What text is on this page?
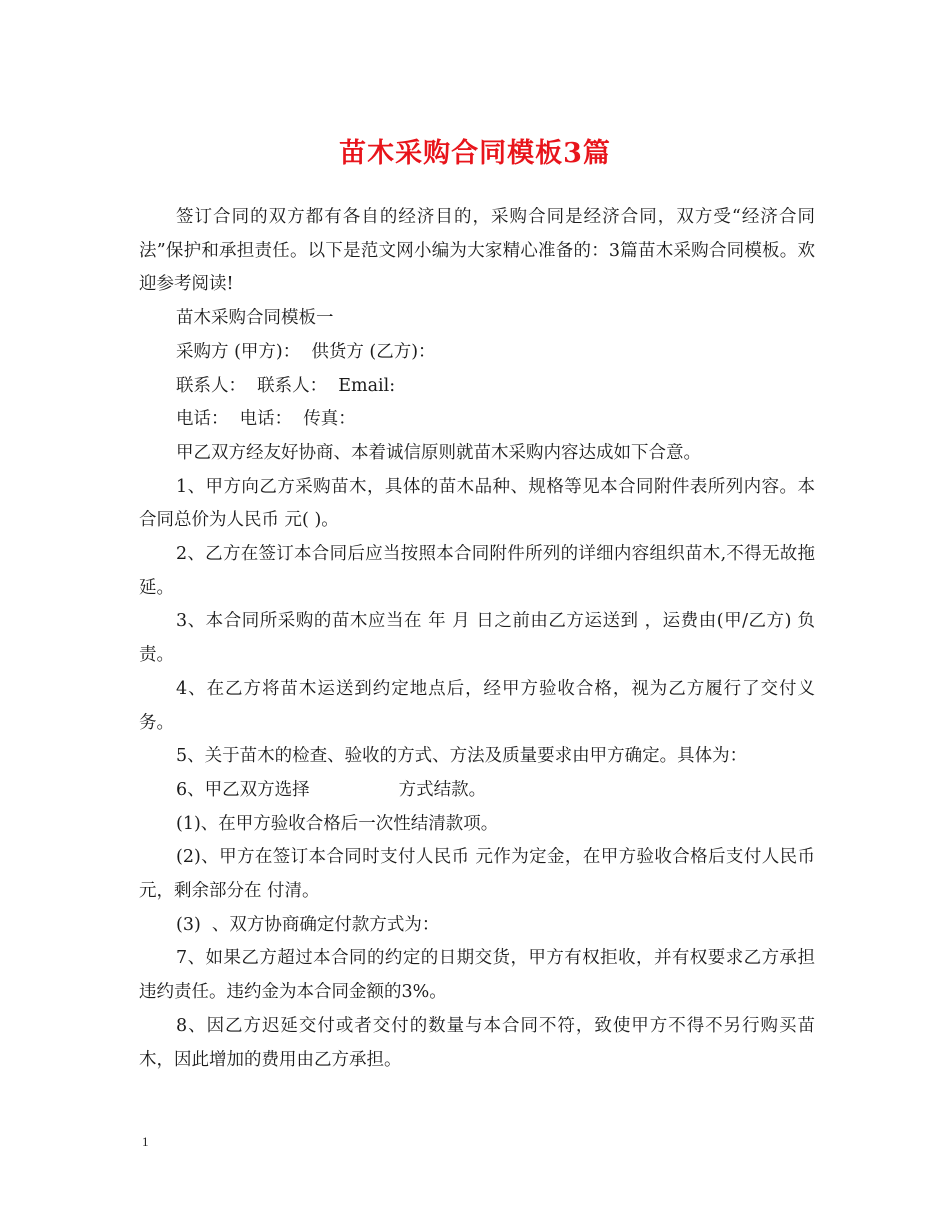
苗木采购合同模板3篇

签订合同的双方都有各自的经济目的，采购合同是经济合同，双方受“经济合同法”保护和承担责任。以下是范文网小编为大家精心准备的：3篇苗木采购合同模板。欢迎参考阅读!

苗木采购合同模板一

采购方 (甲方)：  供货方 (乙方)：

联系人：  联系人：  Email:

电话：  电话：  传真：

甲乙双方经友好协商、本着诚信原则就苗木采购内容达成如下合意。

1、甲方向乙方采购苗木，具体的苗木品种、规格等见本合同附件表所列内容。本合同总价为人民币 元( )。

2、乙方在签订本合同后应当按照本合同附件所列的详细内容组织苗木,不得无故拖延。

3、本合同所采购的苗木应当在 年 月 日之前由乙方运送到 ，运费由(甲/乙方) 负责。

4、在乙方将苗木运送到约定地点后，经甲方验收合格，视为乙方履行了交付义务。

5、关于苗木的检查、验收的方式、方法及质量要求由甲方确定。具体为：

6、甲乙双方选择                方式结款。

(1)、在甲方验收合格后一次性结清款项。

(2)、甲方在签订本合同时支付人民币 元作为定金，在甲方验收合格后支付人民币 元，剩余部分在 付清。

(3)  、双方协商确定付款方式为：

7、如果乙方超过本合同的约定的日期交货，甲方有权拒收，并有权要求乙方承担违约责任。违约金为本合同金额的3%。

8、因乙方迟延交付或者交付的数量与本合同不符，致使甲方不得不另行购买苗木，因此增加的费用由乙方承担。

1
